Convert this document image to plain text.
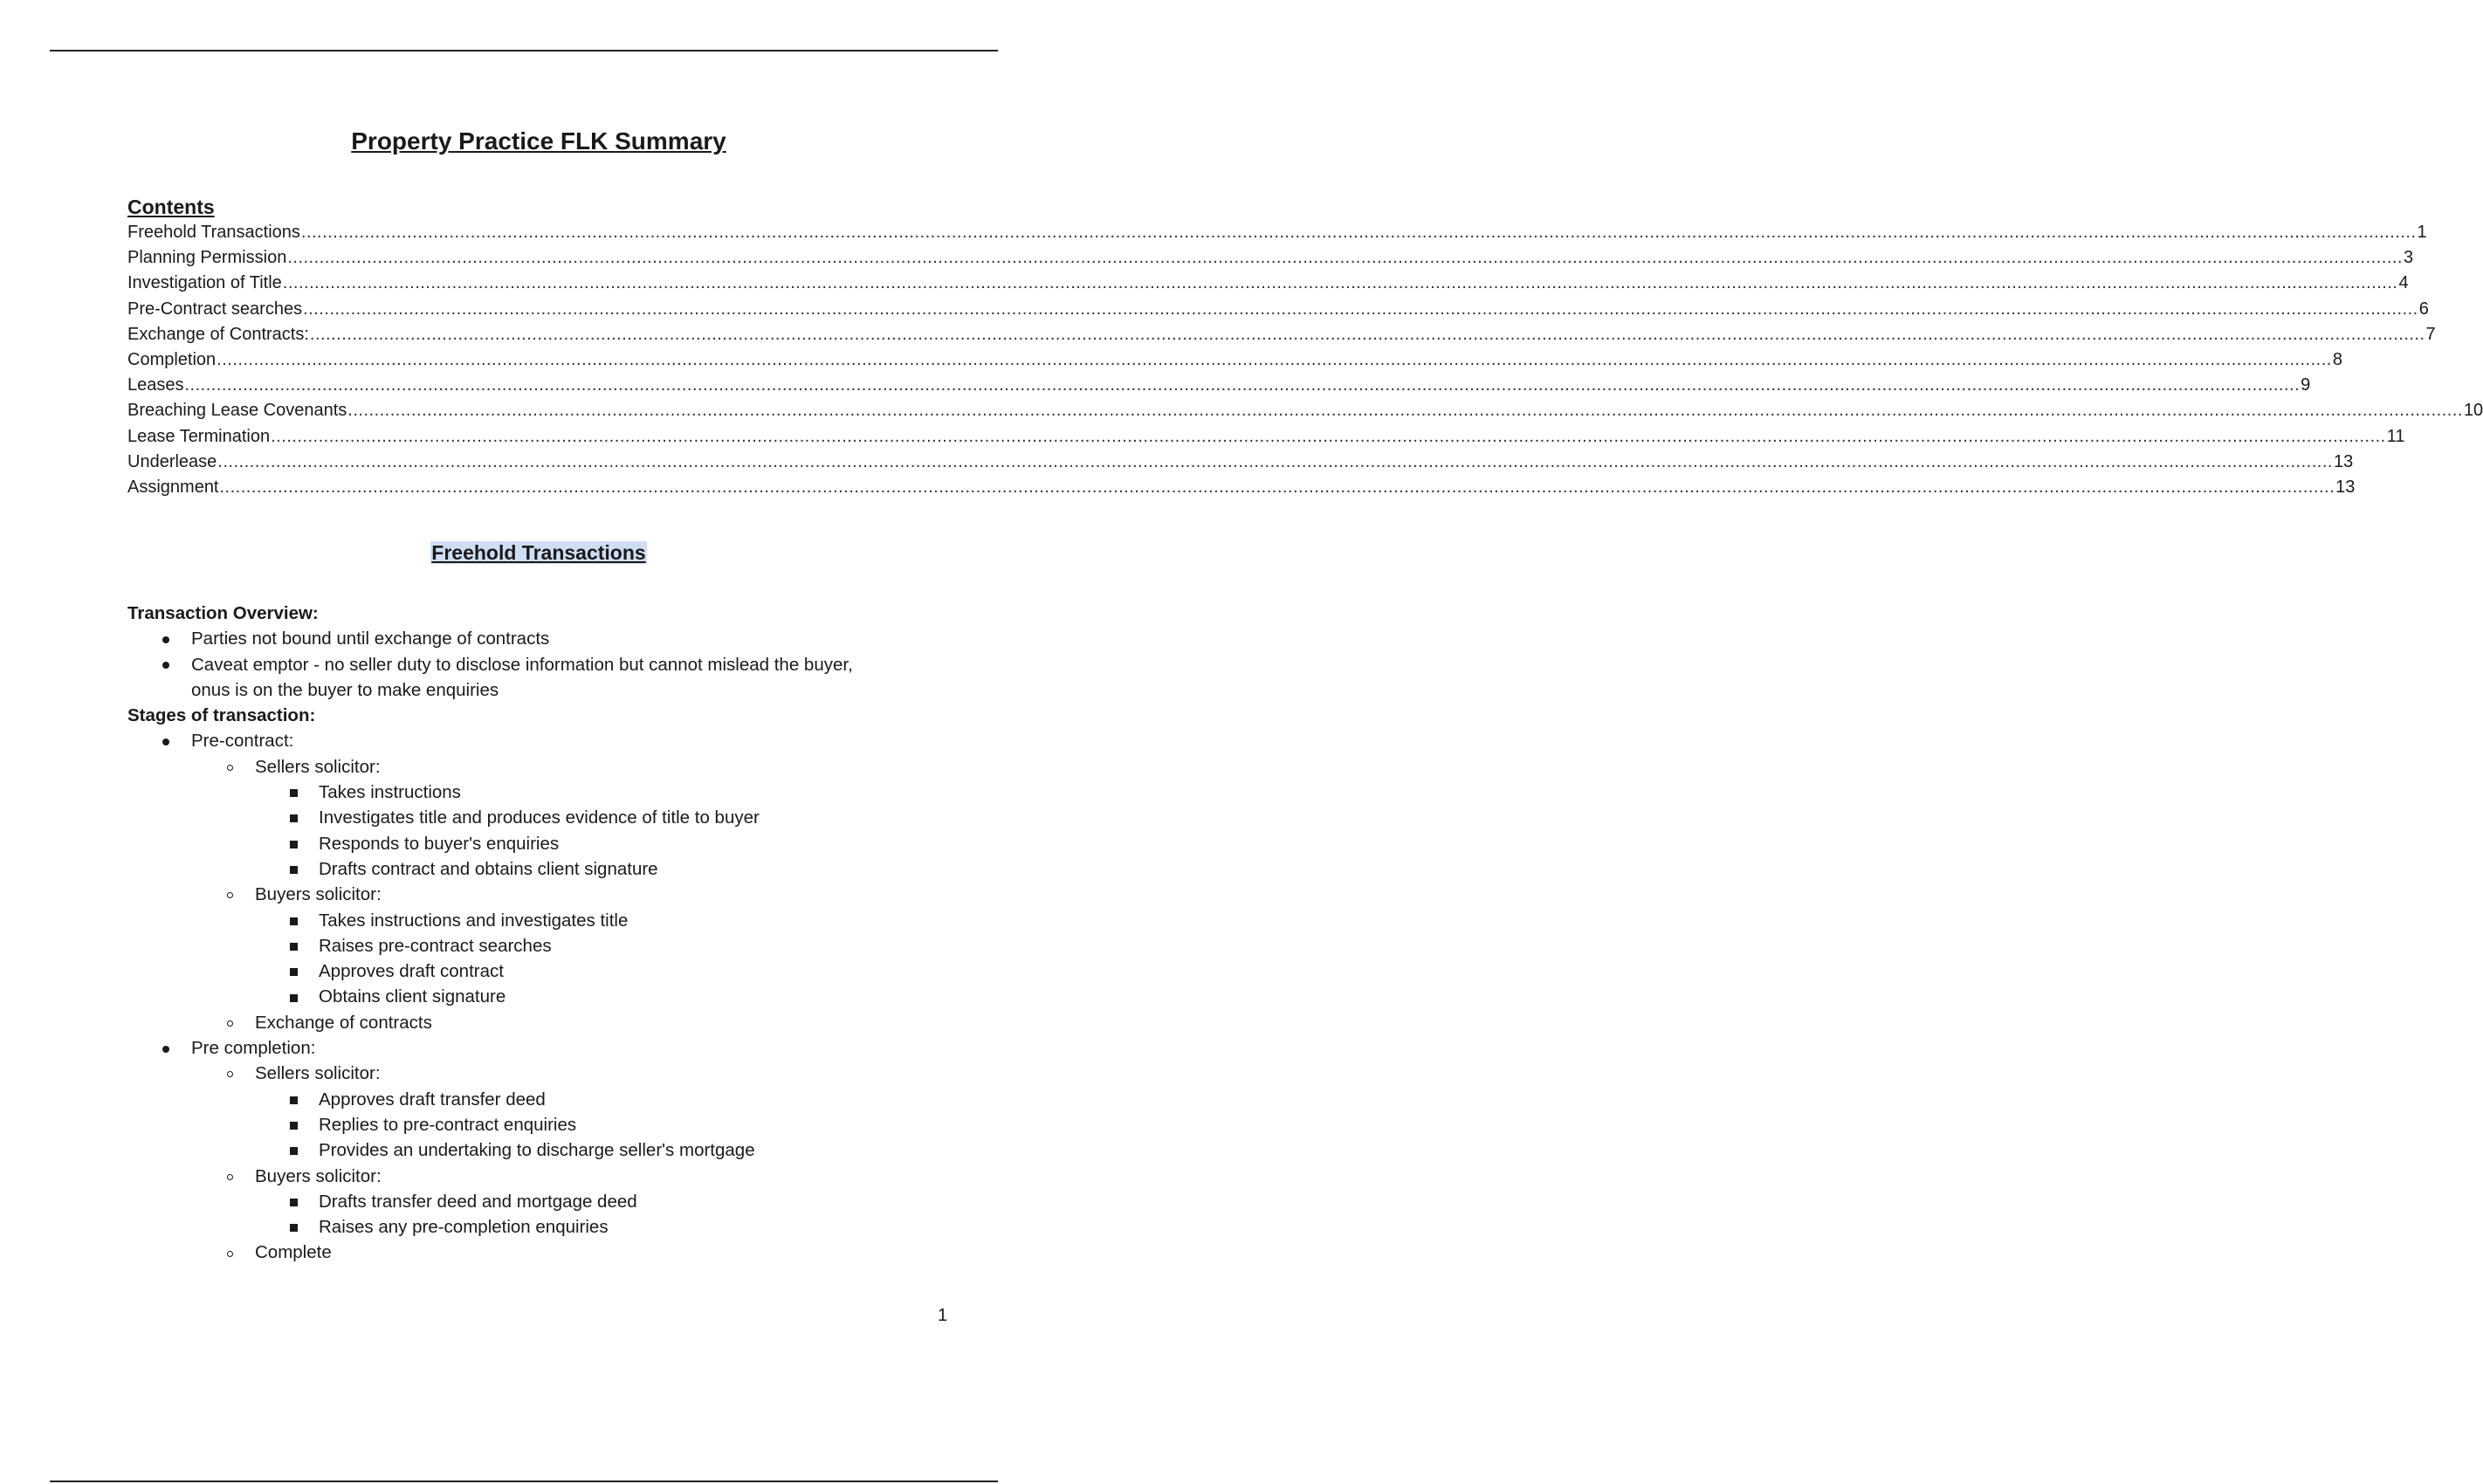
Property Practice FLK Summary
Contents
Freehold Transactions ................................................................................................................................................................................................................................................................................................................................................................................................................ 1
Planning Permission ................................................................................................................................................................................................................................................................................................................................................................................................................ 3
Investigation of Title ................................................................................................................................................................................................................................................................................................................................................................................................................ 4
Pre-Contract searches ................................................................................................................................................................................................................................................................................................................................................................................................................ 6
Exchange of Contracts: ................................................................................................................................................................................................................................................................................................................................................................................................................ 7
Completion ................................................................................................................................................................................................................................................................................................................................................................................................................ 8
Leases ................................................................................................................................................................................................................................................................................................................................................................................................................ 9
Breaching Lease Covenants ................................................................................................................................................................................................................................................................................................................................................................................................................ 10
Lease Termination ................................................................................................................................................................................................................................................................................................................................................................................................................ 11
Underlease ................................................................................................................................................................................................................................................................................................................................................................................................................ 13
Assignment ................................................................................................................................................................................................................................................................................................................................................................................................................ 13
Freehold Transactions
Transaction Overview:
Parties not bound until exchange of contracts
Caveat emptor - no seller duty to disclose information but cannot mislead the buyer,
onus is on the buyer to make enquiries
Stages of transaction:
Pre-contract:
Sellers solicitor:
Takes instructions
Investigates title and produces evidence of title to buyer
Responds to buyer's enquiries
Drafts contract and obtains client signature
Buyers solicitor:
Takes instructions and investigates title
Raises pre-contract searches
Approves draft contract
Obtains client signature
Exchange of contracts
Pre completion:
Sellers solicitor:
Approves draft transfer deed
Replies to pre-contract enquiries
Provides an undertaking to discharge seller's mortgage
Buyers solicitor:
Drafts transfer deed and mortgage deed
Raises any pre-completion enquiries
Complete
1
